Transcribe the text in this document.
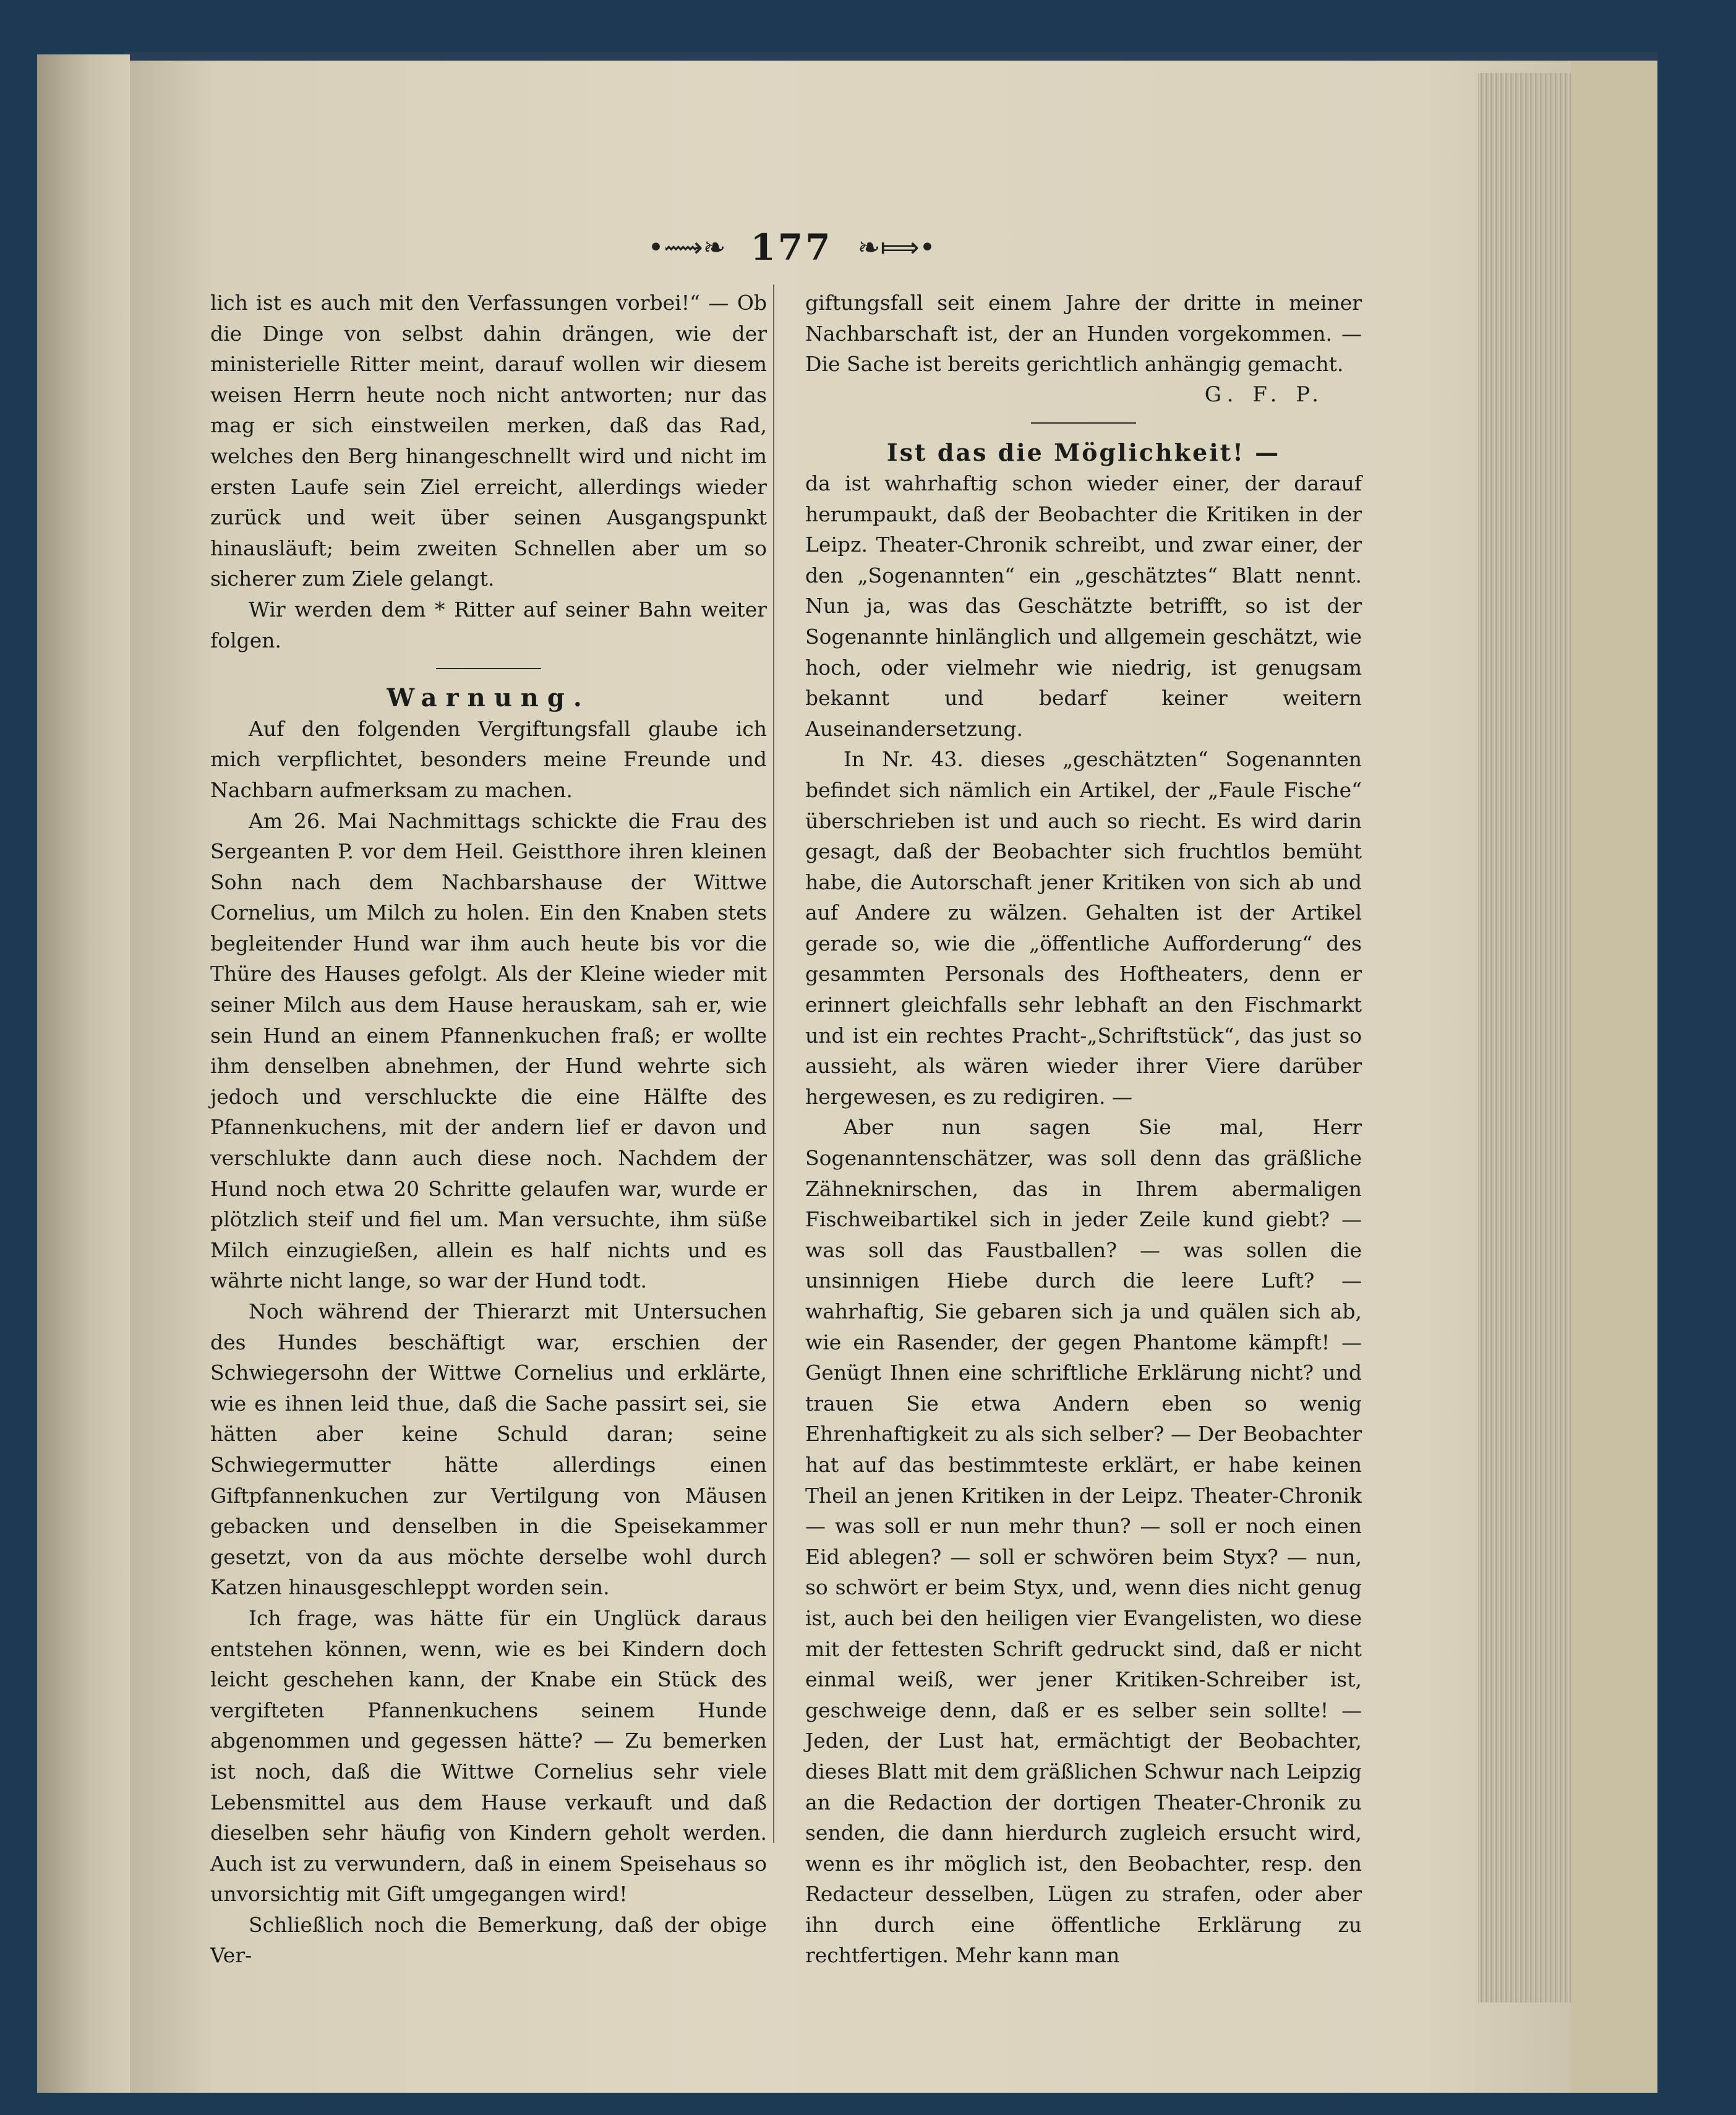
•⟿❧ 177 ❧⟾•

lich ist es auch mit den Verfassungen vorbei!“ — Ob die Dinge von selbst dahin drängen, wie der ministerielle Ritter meint, darauf wollen wir diesem weisen Herrn heute noch nicht antworten; nur das mag er sich einstweilen merken, daß das Rad, welches den Berg hinangeschnellt wird und nicht im ersten Laufe sein Ziel erreicht, allerdings wieder zurück und weit über seinen Ausgangspunkt hinausläuft; beim zweiten Schnellen aber um so sicherer zum Ziele gelangt.

Wir werden dem * Ritter auf seiner Bahn weiter folgen.

Warnung.

Auf den folgenden Vergiftungsfall glaube ich mich verpflichtet, besonders meine Freunde und Nachbarn aufmerksam zu machen.

Am 26. Mai Nachmittags schickte die Frau des Sergeanten P. vor dem Heil. Geistthore ihren kleinen Sohn nach dem Nachbarshause der Wittwe Cornelius, um Milch zu holen. Ein den Knaben stets begleitender Hund war ihm auch heute bis vor die Thüre des Hauses gefolgt. Als der Kleine wieder mit seiner Milch aus dem Hause herauskam, sah er, wie sein Hund an einem Pfannenkuchen fraß; er wollte ihm denselben abnehmen, der Hund wehrte sich jedoch und verschluckte die eine Hälfte des Pfannenkuchens, mit der andern lief er davon und verschlukte dann auch diese noch. Nachdem der Hund noch etwa 20 Schritte gelaufen war, wurde er plötzlich steif und fiel um. Man versuchte, ihm süße Milch einzugießen, allein es half nichts und es währte nicht lange, so war der Hund todt.

Noch während der Thierarzt mit Untersuchen des Hundes beschäftigt war, erschien der Schwiegersohn der Wittwe Cornelius und erklärte, wie es ihnen leid thue, daß die Sache passirt sei, sie hätten aber keine Schuld daran; seine Schwiegermutter hätte allerdings einen Giftpfannenkuchen zur Vertilgung von Mäusen gebacken und denselben in die Speisekammer gesetzt, von da aus möchte derselbe wohl durch Katzen hinausgeschleppt worden sein.

Ich frage, was hätte für ein Unglück daraus entstehen können, wenn, wie es bei Kindern doch leicht geschehen kann, der Knabe ein Stück des vergifteten Pfannenkuchens seinem Hunde abgenommen und gegessen hätte? — Zu bemerken ist noch, daß die Wittwe Cornelius sehr viele Lebensmittel aus dem Hause verkauft und daß dieselben sehr häufig von Kindern geholt werden. Auch ist zu verwundern, daß in einem Speisehaus so unvorsichtig mit Gift umgegangen wird!

Schließlich noch die Bemerkung, daß der obige Ver-

giftungsfall seit einem Jahre der dritte in meiner Nachbarschaft ist, der an Hunden vorgekommen. — Die Sache ist bereits gerichtlich anhängig gemacht.

G. F. P.

Ist das die Möglichkeit! —

da ist wahrhaftig schon wieder einer, der darauf herumpaukt, daß der Beobachter die Kritiken in der Leipz. Theater-Chronik schreibt, und zwar einer, der den „Sogenannten“ ein „geschätztes“ Blatt nennt. Nun ja, was das Geschätzte betrifft, so ist der Sogenannte hinlänglich und allgemein geschätzt, wie hoch, oder vielmehr wie niedrig, ist genugsam bekannt und bedarf keiner weitern Auseinandersetzung.

In Nr. 43. dieses „geschätzten“ Sogenannten befindet sich nämlich ein Artikel, der „Faule Fische“ überschrieben ist und auch so riecht. Es wird darin gesagt, daß der Beobachter sich fruchtlos bemüht habe, die Autorschaft jener Kritiken von sich ab und auf Andere zu wälzen. Gehalten ist der Artikel gerade so, wie die „öffentliche Aufforderung“ des gesammten Personals des Hoftheaters, denn er erinnert gleichfalls sehr lebhaft an den Fischmarkt und ist ein rechtes Pracht-„Schriftstück“, das just so aussieht, als wären wieder ihrer Viere darüber hergewesen, es zu redigiren. —

Aber nun sagen Sie mal, Herr Sogenanntenschätzer, was soll denn das gräßliche Zähneknirschen, das in Ihrem abermaligen Fischweibartikel sich in jeder Zeile kund giebt? — was soll das Faustballen? — was sollen die unsinnigen Hiebe durch die leere Luft? — wahrhaftig, Sie gebaren sich ja und quälen sich ab, wie ein Rasender, der gegen Phantome kämpft! — Genügt Ihnen eine schriftliche Erklärung nicht? und trauen Sie etwa Andern eben so wenig Ehrenhaftigkeit zu als sich selber? — Der Beobachter hat auf das bestimmteste erklärt, er habe keinen Theil an jenen Kritiken in der Leipz. Theater-Chronik — was soll er nun mehr thun? — soll er noch einen Eid ablegen? — soll er schwören beim Styx? — nun, so schwört er beim Styx, und, wenn dies nicht genug ist, auch bei den heiligen vier Evangelisten, wo diese mit der fettesten Schrift gedruckt sind, daß er nicht einmal weiß, wer jener Kritiken-Schreiber ist, geschweige denn, daß er es selber sein sollte! — Jeden, der Lust hat, ermächtigt der Beobachter, dieses Blatt mit dem gräßlichen Schwur nach Leipzig an die Redaction der dortigen Theater-Chronik zu senden, die dann hierdurch zugleich ersucht wird, wenn es ihr möglich ist, den Beobachter, resp. den Redacteur desselben, Lügen zu strafen, oder aber ihn durch eine öffentliche Erklärung zu rechtfertigen. Mehr kann man
